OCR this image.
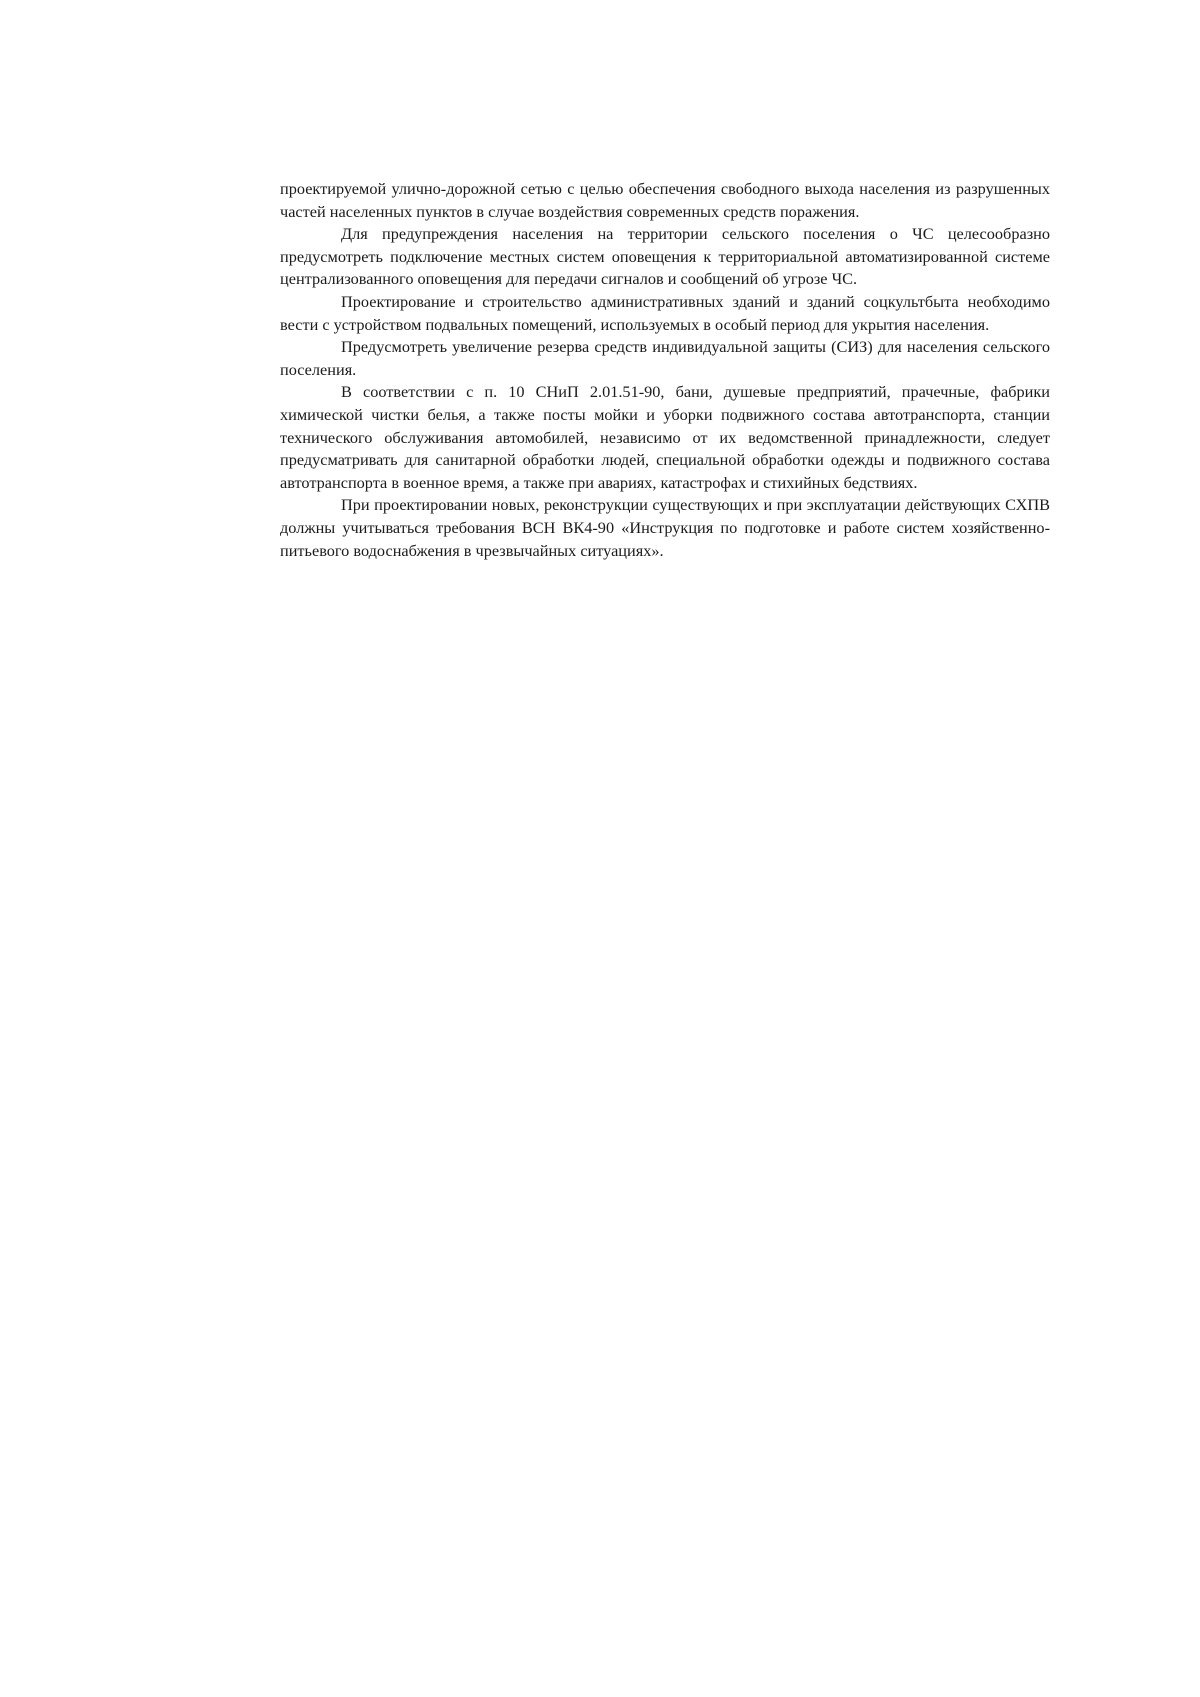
проектируемой улично-дорожной сетью с целью обеспечения свободного выхода населения из разрушенных частей населенных пунктов в случае воздействия современных средств поражения.

Для предупреждения населения на территории сельского поселения о ЧС целесообразно предусмотреть подключение местных систем оповещения к территориальной автоматизированной системе централизованного оповещения для передачи сигналов и сообщений об угрозе ЧС.

Проектирование и строительство административных зданий и зданий соцкультбыта необходимо вести с устройством подвальных помещений, используемых в особый период для укрытия населения.

Предусмотреть увеличение резерва средств индивидуальной защиты (СИЗ) для населения сельского поселения.

В соответствии с п. 10 СНиП 2.01.51-90, бани, душевые предприятий, прачечные, фабрики химической чистки белья, а также посты мойки и уборки подвижного состава автотранспорта, станции технического обслуживания автомобилей, независимо от их ведомственной принадлежности, следует предусматривать для санитарной обработки людей, специальной обработки одежды и подвижного состава автотранспорта в военное время, а также при авариях, катастрофах и стихийных бедствиях.

При проектировании новых, реконструкции существующих и при эксплуатации действующих СХПВ должны учитываться требования ВСН ВК4-90 «Инструкция по подготовке и работе систем хозяйственно-питьевого водоснабжения в чрезвычайных ситуациях».
